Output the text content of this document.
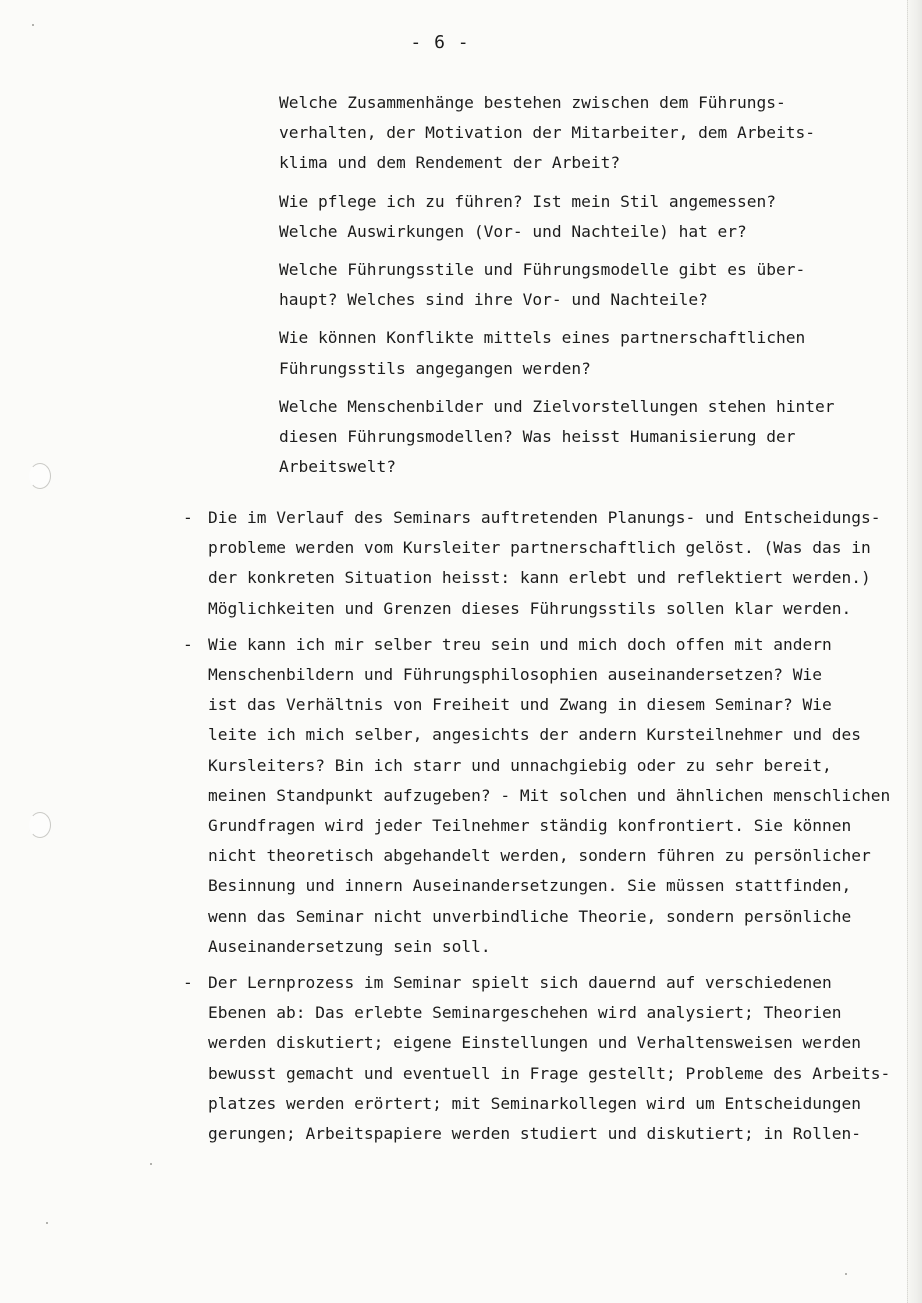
- 6 -
Welche Zusammenhänge bestehen zwischen dem Führungs-
verhalten, der Motivation der Mitarbeiter, dem Arbeits-
klima und dem Rendement der Arbeit?
Wie pflege ich zu führen? Ist mein Stil angemessen?
Welche Auswirkungen (Vor- und Nachteile) hat er?
Welche Führungsstile und Führungsmodelle gibt es über-
haupt? Welches sind ihre Vor- und Nachteile?
Wie können Konflikte mittels eines partnerschaftlichen
Führungsstils angegangen werden?
Welche Menschenbilder und Zielvorstellungen stehen hinter
diesen Führungsmodellen? Was heisst Humanisierung der
Arbeitswelt?
- Die im Verlauf des Seminars auftretenden Planungs- und Entscheidungs-
probleme werden vom Kursleiter partnerschaftlich gelöst. (Was das in
der konkreten Situation heisst: kann erlebt und reflektiert werden.)
Möglichkeiten und Grenzen dieses Führungsstils sollen klar werden.
- Wie kann ich mir selber treu sein und mich doch offen mit andern
Menschenbildern und Führungsphilosophien auseinandersetzen? Wie
ist das Verhältnis von Freiheit und Zwang in diesem Seminar? Wie
leite ich mich selber, angesichts der andern Kursteilnehmer und des
Kursleiters? Bin ich starr und unnachgiebig oder zu sehr bereit,
meinen Standpunkt aufzugeben? - Mit solchen und ähnlichen menschlichen
Grundfragen wird jeder Teilnehmer ständig konfrontiert. Sie können
nicht theoretisch abgehandelt werden, sondern führen zu persönlicher
Besinnung und innern Auseinandersetzungen. Sie müssen stattfinden,
wenn das Seminar nicht unverbindliche Theorie, sondern persönliche
Auseinandersetzung sein soll.
- Der Lernprozess im Seminar spielt sich dauernd auf verschiedenen
Ebenen ab: Das erlebte Seminargeschehen wird analysiert; Theorien
werden diskutiert; eigene Einstellungen und Verhaltensweisen werden
bewusst gemacht und eventuell in Frage gestellt; Probleme des Arbeits-
platzes werden erörtert; mit Seminarkollegen wird um Entscheidungen
gerungen; Arbeitspapiere werden studiert und diskutiert; in Rollen-
